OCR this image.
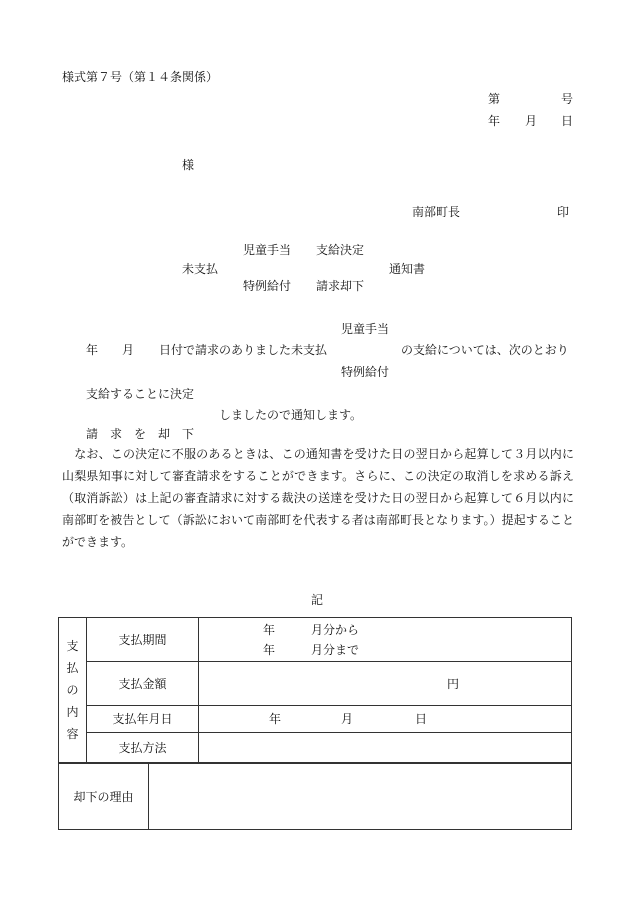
様式第７号（第１４条関係）
第	号
年 月 日
様
南部町長	印
児童手当 支給決定
未支払	通知書
特例給付 請求却下
児童手当
年 月 日付で請求のありました未支払	の支給については、次のとおり
特例給付
支給することに決定
しましたので通知します。
請　求　を　却　下
なお、この決定に不服のあるときは、この通知書を受けた日の翌日から起算して３月以内に山梨県知事に対して審査請求をすることができます。さらに、この決定の取消しを求める訴え（取消訴訟）は上記の審査請求に対する裁決の送達を受けた日の翌日から起算して６月以内に南部町を被告として（訴訟において南部町を代表する者は南部町長となります。）提起することができます。
記
支
払
の
内
容	支払期間	年 月分から
年 月分まで

	支払金額	円

	支払年月日	年 月 日

	支払方法	
却下の理由	
